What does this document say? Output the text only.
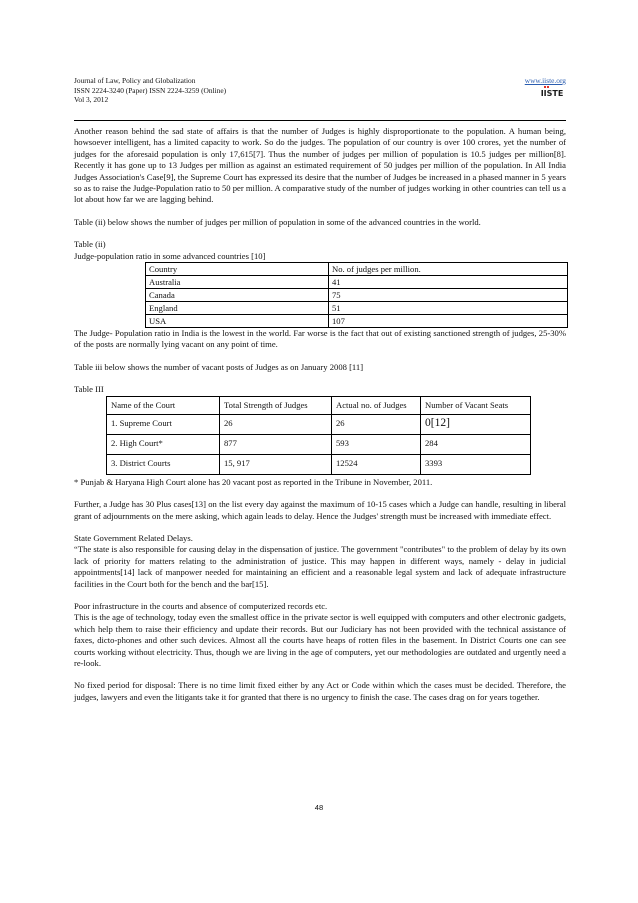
Journal of Law, Policy and Globalization
ISSN 2224-3240 (Paper) ISSN 2224-3259 (Online)
Vol 3, 2012
www.iiste.org
IISTE

Another reason behind the sad state of affairs is that the number of Judges is highly disproportionate to the population. A human being, howsoever intelligent, has a limited capacity to work. So do the judges. The population of our country is over 100 crores, yet the number of judges for the aforesaid population is only 17,615[7]. Thus the number of judges per million of population is 10.5 judges per million[8]. Recently it has gone up to 13 Judges per million as against an estimated requirement of 50 judges per million of the population. In All India Judges Association's Case[9], the Supreme Court has expressed its desire that the number of Judges be increased in a phased manner in 5 years so as to raise the Judge-Population ratio to 50 per million. A comparative study of the number of judges working in other countries can tell us a lot about how far we are lagging behind.

Table (ii) below shows the number of judges per million of population in some of the advanced countries in the world.

Table (ii)
Judge-population ratio in some advanced countries [10]
Country	No. of judges per million.
Australia	41
Canada	75
England	51
USA	107

The Judge- Population ratio in India is the lowest in the world. Far worse is the fact that out of existing sanctioned strength of judges, 25-30% of the posts are normally lying vacant on any point of time.

Table iii below shows the number of vacant posts of Judges as on January 2008 [11]

Table III
Name of the Court	Total Strength of Judges	Actual no. of Judges	Number of Vacant Seats
1. Supreme Court	26	26	0[12]
2. High Court*	877	593	284
3. District Courts	15, 917	12524	3393

* Punjab & Haryana High Court alone has 20 vacant post as reported in the Tribune in November, 2011.

Further, a Judge has 30 Plus cases[13] on the list every day against the maximum of 10-15 cases which a Judge can handle, resulting in liberal grant of adjournments on the mere asking, which again leads to delay. Hence the Judges' strength must be increased with immediate effect.

State Government Related Delays.

“The state is also responsible for causing delay in the dispensation of justice. The government "contributes" to the problem of delay by its own lack of priority for matters relating to the administration of justice. This may happen in different ways, namely - delay in judicial appointments[14] lack of manpower needed for maintaining an efficient and a reasonable legal system and lack of adequate infrastructure facilities in the Court both for the bench and the bar[15].

Poor infrastructure in the courts and absence of computerized records etc.

This is the age of technology, today even the smallest office in the private sector is well equipped with computers and other electronic gadgets, which help them to raise their efficiency and update their records. But our Judiciary has not been provided with the technical assistance of faxes, dicto-phones and other such devices. Almost all the courts have heaps of rotten files in the basement. In District Courts one can see courts working without electricity. Thus, though we are living in the age of computers, yet our methodologies are outdated and urgently need a re-look.

No fixed period for disposal: There is no time limit fixed either by any Act or Code within which the cases must be decided. Therefore, the judges, lawyers and even the litigants take it for granted that there is no urgency to finish the case. The cases drag on for years together.

48
